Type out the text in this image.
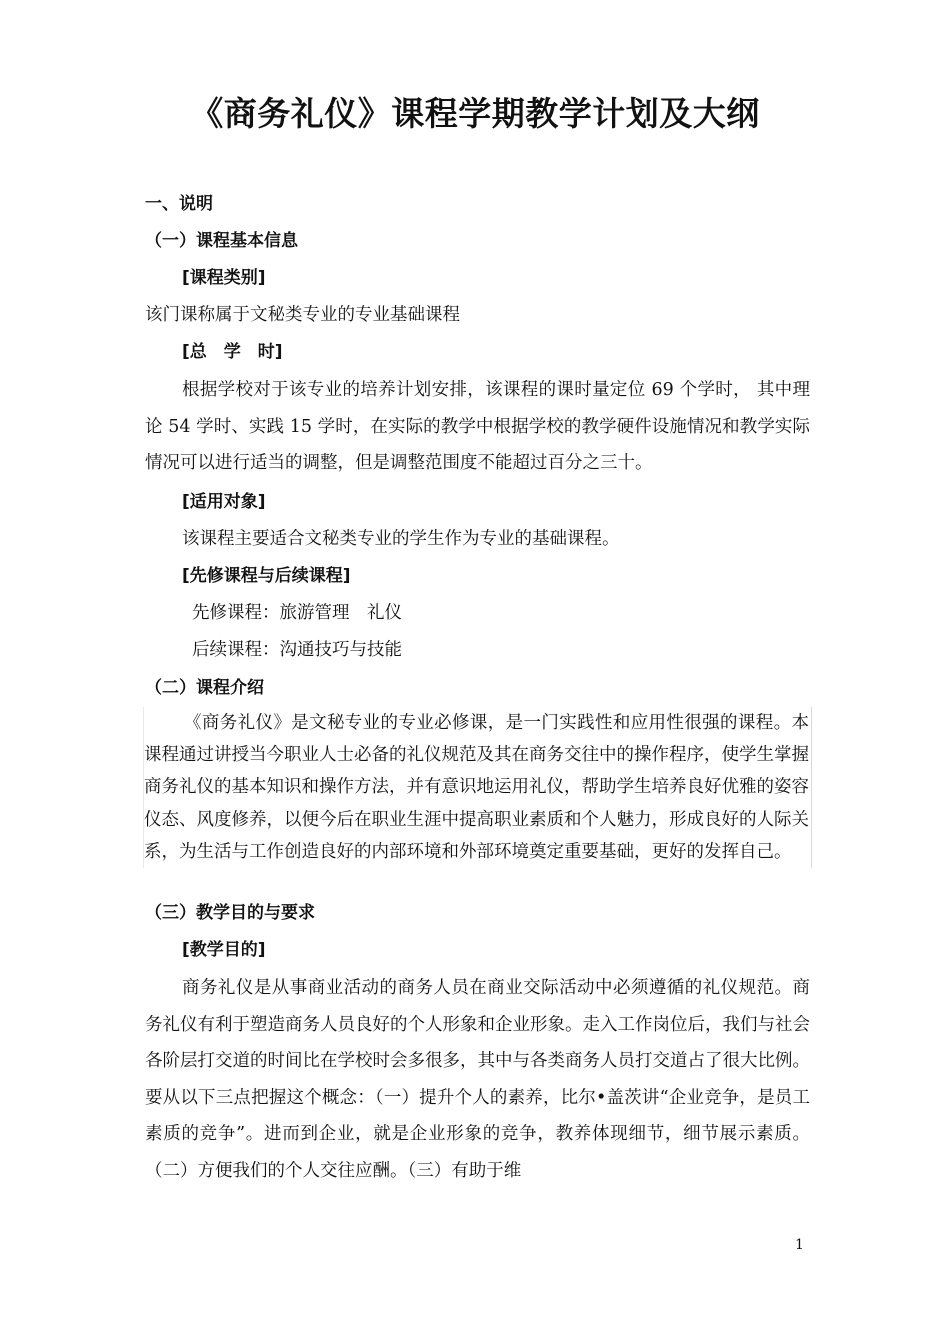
《商务礼仪》课程学期教学计划及大纲

一、说明

（一）课程基本信息

[课程类别]

该门课称属于文秘类专业的专业基础课程

[总　学　时]

根据学校对于该专业的培养计划安排，该课程的课时量定位 69 个学时， 其中理论 54 学时、实践 15 学时，在实际的教学中根据学校的教学硬件设施情况和教学实际情况可以进行适当的调整，但是调整范围度不能超过百分之三十。

[适用对象]

该课程主要适合文秘类专业的学生作为专业的基础课程。

[先修课程与后续课程]

先修课程：旅游管理　礼仪

后续课程：沟通技巧与技能

（二）课程介绍

《商务礼仪》是文秘专业的专业必修课，是一门实践性和应用性很强的课程。本课程通过讲授当今职业人士必备的礼仪规范及其在商务交往中的操作程序，使学生掌握商务礼仪的基本知识和操作方法，并有意识地运用礼仪，帮助学生培养良好优雅的姿容仪态、风度修养，以便今后在职业生涯中提高职业素质和个人魅力，形成良好的人际关系，为生活与工作创造良好的内部环境和外部环境奠定重要基础，更好的发挥自己。

（三）教学目的与要求

[教学目的]

商务礼仪是从事商业活动的商务人员在商业交际活动中必须遵循的礼仪规范。商务礼仪有利于塑造商务人员良好的个人形象和企业形象。走入工作岗位后，我们与社会各阶层打交道的时间比在学校时会多很多，其中与各类商务人员打交道占了很大比例。要从以下三点把握这个概念：（一）提升个人的素养，比尔•盖茨讲“企业竞争，是员工素质的竞争”。进而到企业，就是企业形象的竞争，教养体现细节，细节展示素质。（二）方便我们的个人交往应酬。（三）有助于维

1
